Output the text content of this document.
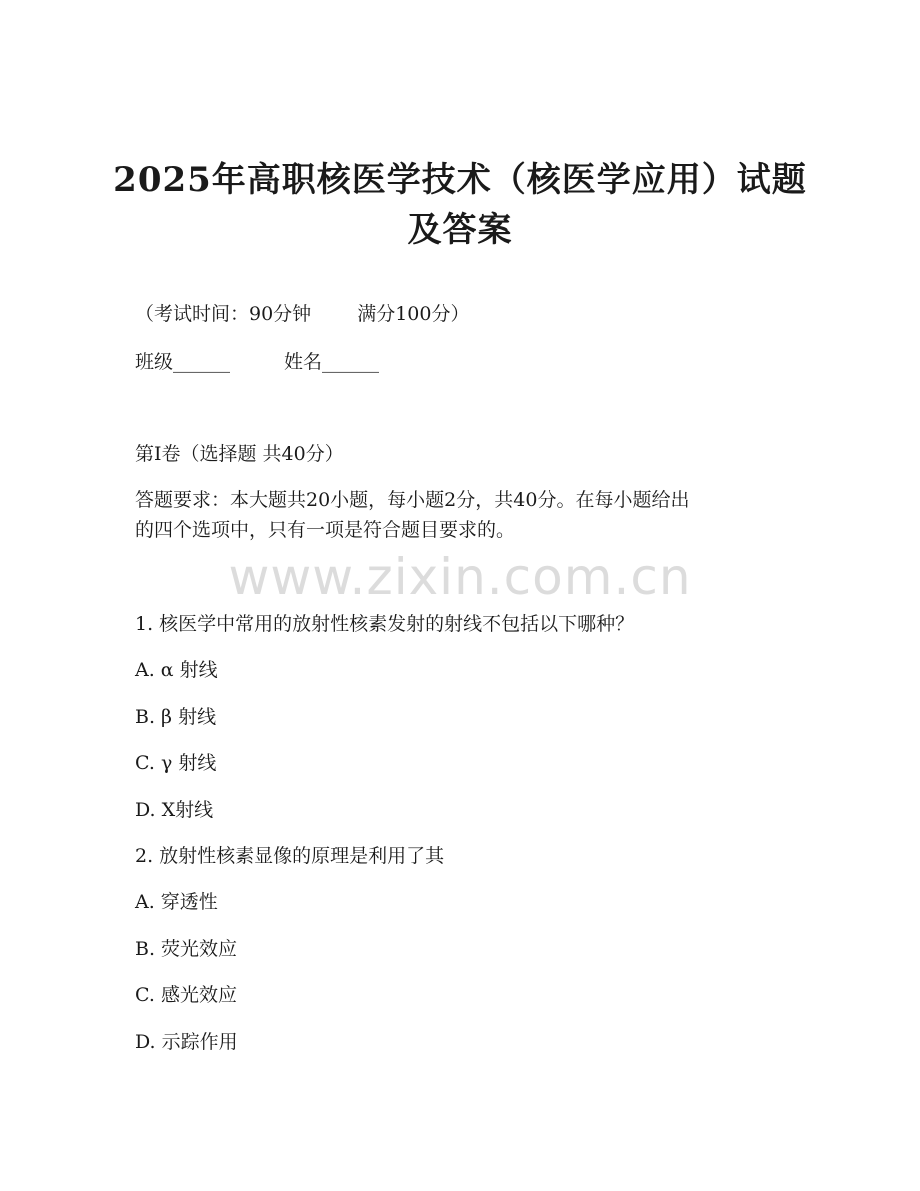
2025年高职核医学技术（核医学应用）试题
及答案
（考试时间：90分钟 满分100分）
班级______	姓名______
第Ⅰ卷（选择题 共40分）
答题要求：本大题共20小题，每小题2分，共40分。在每小题给出
的四个选项中，只有一项是符合题目要求的。
www.zixin.com.cn
1. 核医学中常用的放射性核素发射的射线不包括以下哪种？
A. α 射线
B. β 射线
C. γ 射线
D. X射线
2. 放射性核素显像的原理是利用了其
A. 穿透性
B. 荧光效应
C. 感光效应
D. 示踪作用
